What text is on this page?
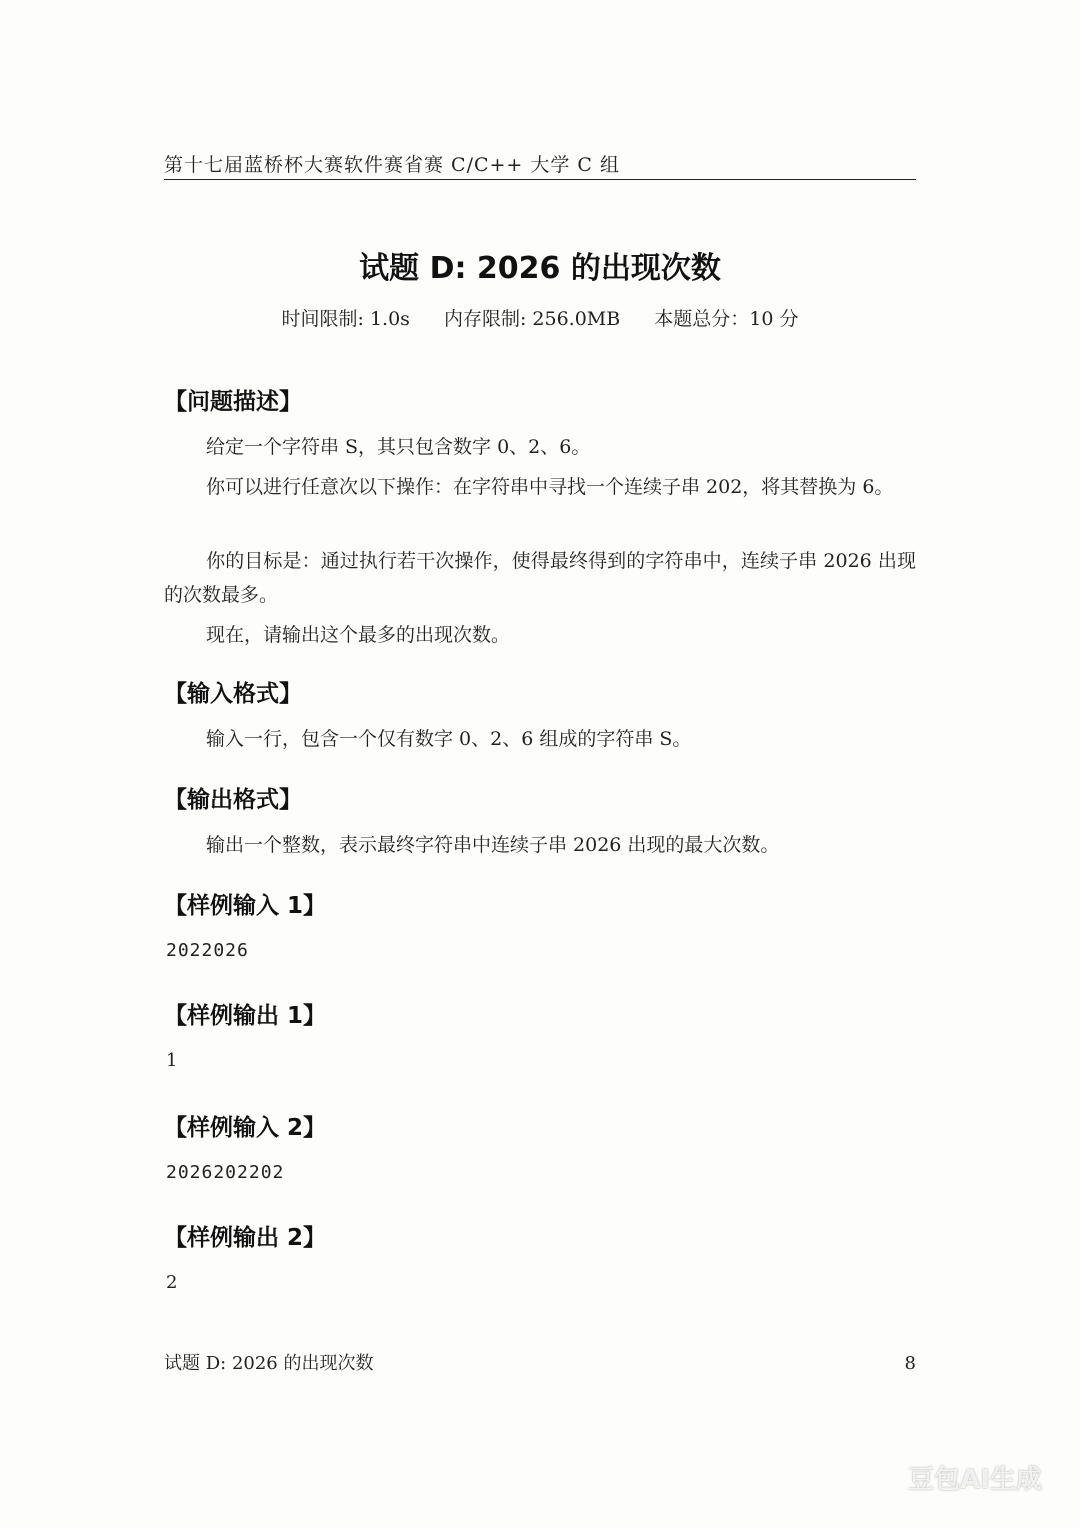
第十七届蓝桥杯大赛软件赛省赛 C/C++ 大学 C 组
试题 D: 2026 的出现次数
时间限制: 1.0s 内存限制: 256.0MB 本题总分：10 分
【问题描述】
给定一个字符串 S，其只包含数字 0、2、6。
你可以进行任意次以下操作：在字符串中寻找一个连续子串 202，将其替换为 6。
你的目标是：通过执行若干次操作，使得最终得到的字符串中，连续子串 2026 出现的次数最多。
现在，请输出这个最多的出现次数。
【输入格式】
输入一行，包含一个仅有数字 0、2、6 组成的字符串 S。
【输出格式】
输出一个整数，表示最终字符串中连续子串 2026 出现的最大次数。
【样例输入 1】
2022026
【样例输出 1】
1
【样例输入 2】
2026202202
【样例输出 2】
2
试题 D: 2026 的出现次数	8
豆包AI生成
